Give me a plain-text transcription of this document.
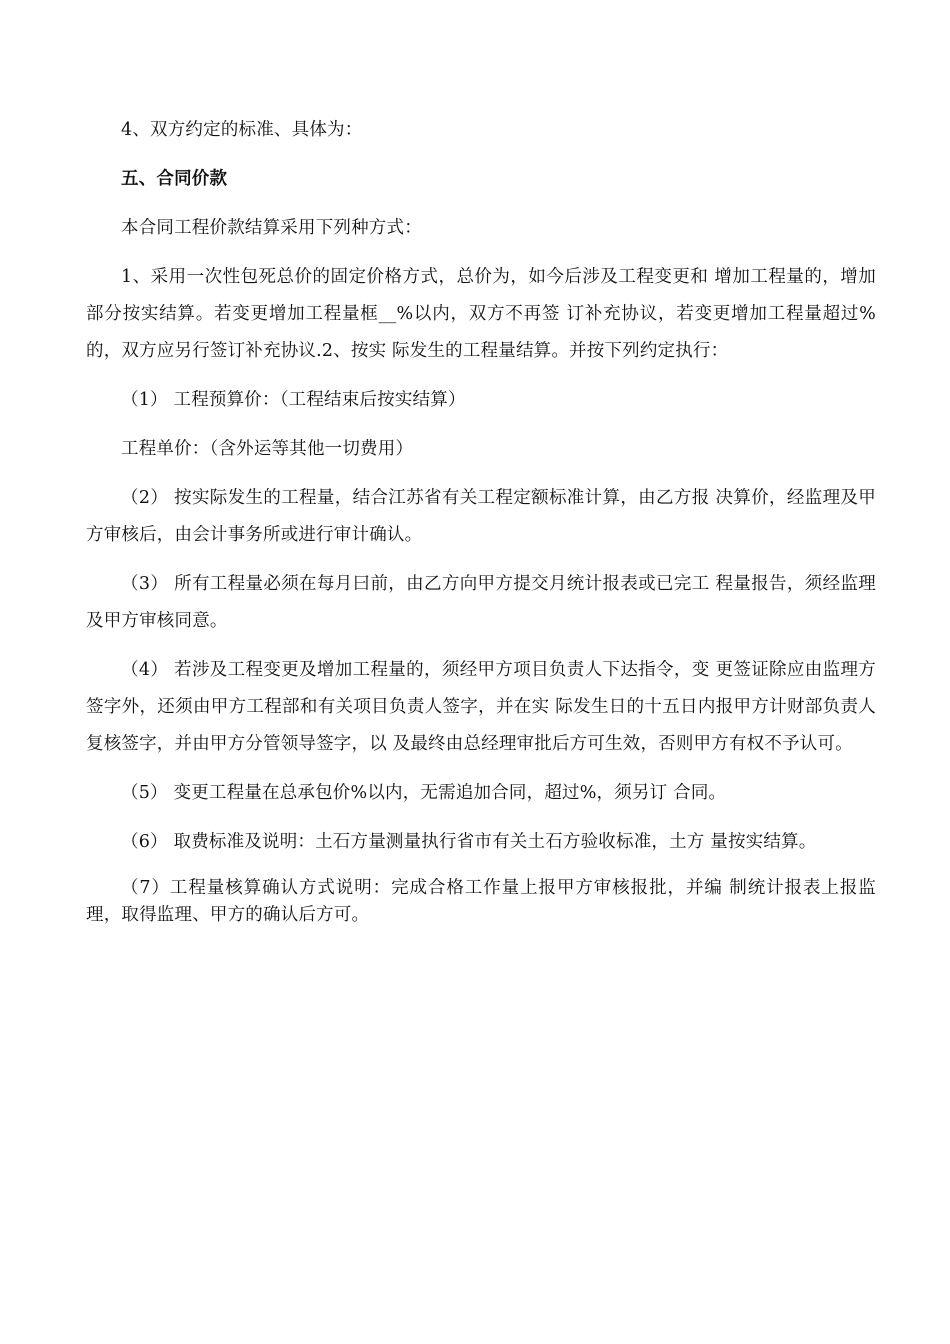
4、双方约定的标准、具体为：

五、合同价款

本合同工程价款结算采用下列种方式：

1、采用一次性包死总价的固定价格方式，总价为，如今后涉及工程变更和 增加工程量的，增加部分按实结算。若变更增加工程量框__%以内，双方不再签 订补充协议，若变更增加工程量超过%的，双方应另行签订补充协议.2、按实 际发生的工程量结算。并按下列约定执行：

（1） 工程预算价：（工程结束后按实结算）

工程单价：（含外运等其他一切费用）

（2） 按实际发生的工程量，结合江苏省有关工程定额标准计算，由乙方报 决算价，经监理及甲方审核后，由会计事务所或进行审计确认。

（3） 所有工程量必须在每月曰前，由乙方向甲方提交月统计报表或已完工 程量报告，须经监理及甲方审核同意。

（4） 若涉及工程变更及增加工程量的，须经甲方项目负责人下达指令，变 更签证除应由监理方签字外，还须由甲方工程部和有关项目负责人签字，并在实 际发生日的十五日内报甲方计财部负责人复核签字，并由甲方分管领导签字，以 及最终由总经理审批后方可生效，否则甲方有权不予认可。

（5） 变更工程量在总承包价%以内，无需追加合同，超过%，须另订 合同。

（6） 取费标准及说明：土石方量测量执行省市有关土石方验收标准，土方 量按实结算。

（7）工程量核算确认方式说明：完成合格工作量上报甲方审核报批，并编 制统计报表上报监理，取得监理、甲方的确认后方可。
